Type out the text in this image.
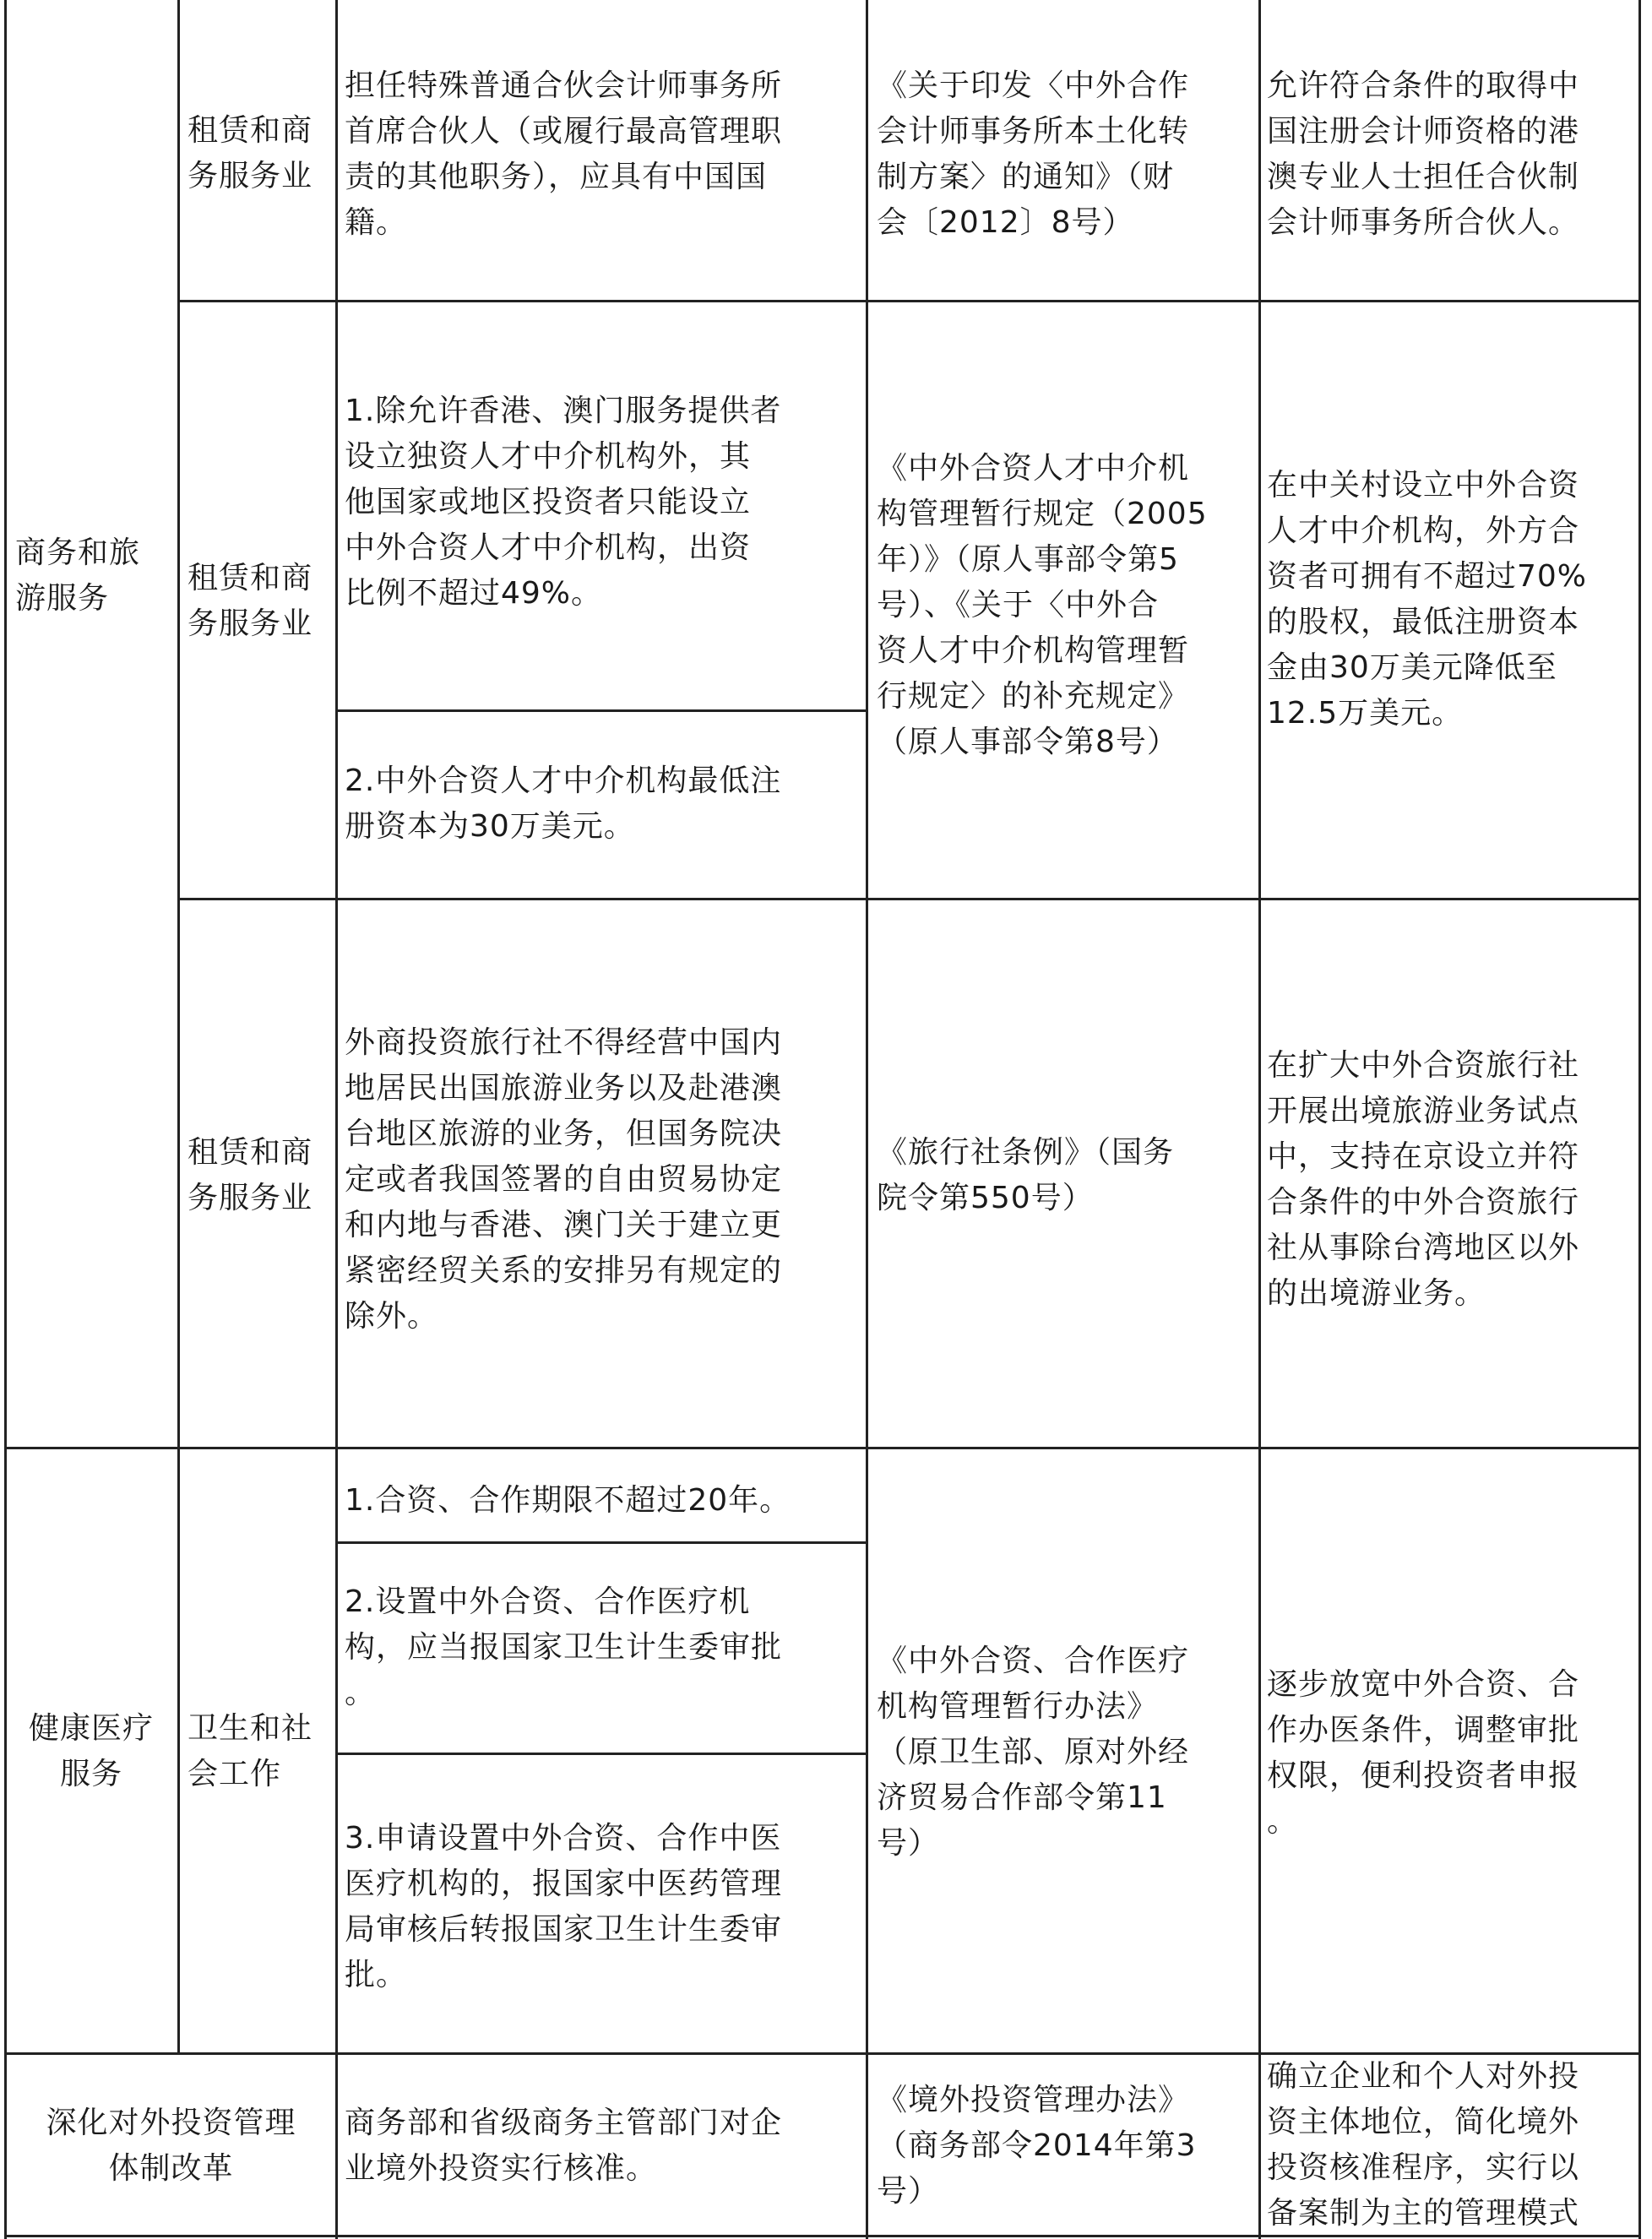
商务和旅
游服务
租赁和商
务服务业
担任特殊普通合伙会计师事务所
首席合伙人（或履行最高管理职
责的其他职务），应具有中国国
籍。
《关于印发〈中外合作
会计师事务所本土化转
制方案〉的通知》（财
会〔2012〕8号）
允许符合条件的取得中
国注册会计师资格的港
澳专业人士担任合伙制
会计师事务所合伙人。
租赁和商
务服务业
1.除允许香港、澳门服务提供者
设立独资人才中介机构外，其
他国家或地区投资者只能设立
中外合资人才中介机构，出资
比例不超过49%。
2.中外合资人才中介机构最低注
册资本为30万美元。
《中外合资人才中介机
构管理暂行规定（2005
年）》（原人事部令第5
号）、《关于〈中外合
资人才中介机构管理暂
行规定〉的补充规定》
（原人事部令第8号）
在中关村设立中外合资
人才中介机构，外方合
资者可拥有不超过70%
的股权，最低注册资本
金由30万美元降低至
12.5万美元。
租赁和商
务服务业
外商投资旅行社不得经营中国内
地居民出国旅游业务以及赴港澳
台地区旅游的业务，但国务院决
定或者我国签署的自由贸易协定
和内地与香港、澳门关于建立更
紧密经贸关系的安排另有规定的
除外。
《旅行社条例》（国务
院令第550号）
在扩大中外合资旅行社
开展出境旅游业务试点
中，支持在京设立并符
合条件的中外合资旅行
社从事除台湾地区以外
的出境游业务。
健康医疗
服务
卫生和社
会工作
1.合资、合作期限不超过20年。
2.设置中外合资、合作医疗机
构，应当报国家卫生计生委审批
。
3.申请设置中外合资、合作中医
医疗机构的，报国家中医药管理
局审核后转报国家卫生计生委审
批。
《中外合资、合作医疗
机构管理暂行办法》
（原卫生部、原对外经
济贸易合作部令第11
号）
逐步放宽中外合资、合
作办医条件，调整审批
权限，便利投资者申报
。
深化对外投资管理
体制改革
商务部和省级商务主管部门对企
业境外投资实行核准。
《境外投资管理办法》
（商务部令2014年第3
号）
确立企业和个人对外投
资主体地位，简化境外
投资核准程序，实行以
备案制为主的管理模式
